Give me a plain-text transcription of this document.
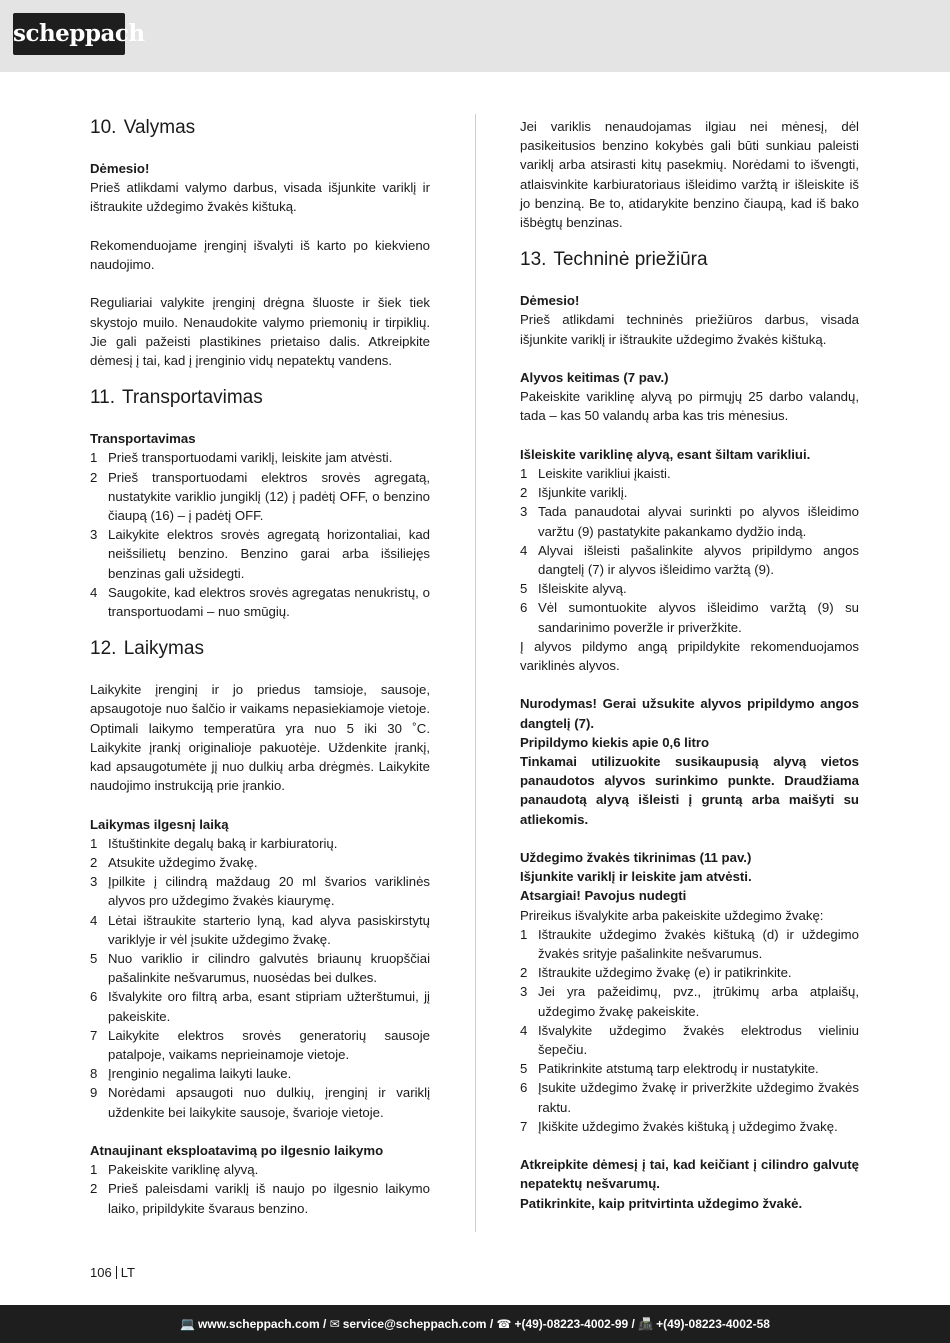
scheppach
10. Valymas

Dėmesio!

Prieš atlikdami valymo darbus, visada išjunkite variklį ir ištraukite uždegimo žvakės kištuką.

Rekomenduojame įrenginį išvalyti iš karto po kiekvieno naudojimo.

Reguliariai valykite įrenginį drėgna šluoste ir šiek tiek skystojo muilo. Nenaudokite valymo priemonių ir tirpiklių. Jie gali pažeisti plastikines prietaiso dalis. Atkreipkite dėmesį į tai, kad į įrenginio vidų nepatektų vandens.

11. Transportavimas

Transportavimas

1 Prieš transportuodami variklį, leiskite jam atvėsti.
2 Prieš transportuodami elektros srovės agregatą, nustatykite variklio jungiklį (12) į padėtį OFF, o benzino čiaupą (16) – į padėtį OFF.
3 Laikykite elektros srovės agregatą horizontaliai, kad neišsilietų benzino. Benzino garai arba išsiliejęs benzinas gali užsidegti.
4 Saugokite, kad elektros srovės agregatas nenukristų, o transportuodami – nuo smūgių.
12. Laikymas

Laikykite įrenginį ir jo priedus tamsioje, sausoje, apsaugotoje nuo šalčio ir vaikams nepasiekiamoje vietoje. Optimali laikymo temperatūra yra nuo 5 iki 30 ˚C. Laikykite įrankį originalioje pakuotėje. Uždenkite įrankį, kad apsaugotumėte jį nuo dulkių arba drėgmės. Laikykite naudojimo instrukciją prie įrankio.

Laikymas ilgesnį laiką

1 Ištuštinkite degalų baką ir karbiuratorių.
2 Atsukite uždegimo žvakę.
3 Įpilkite į cilindrą maždaug 20 ml švarios variklinės alyvos pro uždegimo žvakės kiaurymę.
4 Lėtai ištraukite starterio lyną, kad alyva pasiskirstytų variklyje ir vėl įsukite uždegimo žvakę.
5 Nuo variklio ir cilindro galvutės briaunų kruopščiai pašalinkite nešvarumus, nuosėdas bei dulkes.
6 Išvalykite oro filtrą arba, esant stipriam užterštumui, jį pakeiskite.
7 Laikykite elektros srovės generatorių sausoje patalpoje, vaikams neprieinamoje vietoje.
8 Įrenginio negalima laikyti lauke.
9 Norėdami apsaugoti nuo dulkių, įrenginį ir variklį uždenkite bei laikykite sausoje, švarioje vietoje.

Atnaujinant eksploatavimą po ilgesnio laikymo

1 Pakeiskite variklinę alyvą.
2 Prieš paleisdami variklį iš naujo po ilgesnio laikymo laiko, pripildykite švaraus benzino.

Jei variklis nenaudojamas ilgiau nei mėnesį, dėl pasikeitusios benzino kokybės gali būti sunkiau paleisti variklį arba atsirasti kitų pasekmių. Norėdami to išvengti, atlaisvinkite karbiuratoriaus išleidimo varžtą ir išleiskite iš jo benziną. Be to, atidarykite benzino čiaupą, kad iš bako išbėgtų benzinas.

13. Techninė priežiūra

Dėmesio!

Prieš atlikdami techninės priežiūros darbus, visada išjunkite variklį ir ištraukite uždegimo žvakės kištuką.

Alyvos keitimas (7 pav.)

Pakeiskite variklinę alyvą po pirmųjų 25 darbo valandų, tada – kas 50 valandų arba kas tris mėnesius.

Išleiskite variklinę alyvą, esant šiltam varikliui.

1 Leiskite varikliui įkaisti.
2 Išjunkite variklį.
3 Tada panaudotai alyvai surinkti po alyvos išleidimo varžtu (9) pastatykite pakankamo dydžio indą.
4 Alyvai išleisti pašalinkite alyvos pripildymo angos dangtelį (7) ir alyvos išleidimo varžtą (9).
5 Išleiskite alyvą.
6 Vėl sumontuokite alyvos išleidimo varžtą (9) su sandarinimo poveržle ir priveržkite.

Į alyvos pildymo angą pripildykite rekomenduojamos variklinės alyvos.

Nurodymas! Gerai užsukite alyvos pripildymo angos dangtelį (7).

Pripildymo kiekis apie 0,6 litro

Tinkamai utilizuokite susikaupusią alyvą vietos panaudotos alyvos surinkimo punkte. Draudžiama panaudotą alyvą išleisti į gruntą arba maišyti su atliekomis.

Uždegimo žvakės tikrinimas (11 pav.)

Išjunkite variklį ir leiskite jam atvėsti.

Atsargiai! Pavojus nudegti

Prireikus išvalykite arba pakeiskite uždegimo žvakę:

1 Ištraukite uždegimo žvakės kištuką (d) ir uždegimo žvakės srityje pašalinkite nešvarumus.
2 Ištraukite uždegimo žvakę (e) ir patikrinkite.
3 Jei yra pažeidimų, pvz., įtrūkimų arba atplaišų, uždegimo žvakę pakeiskite.
4 Išvalykite uždegimo žvakės elektrodus vieliniu šepečiu.
5 Patikrinkite atstumą tarp elektrodų ir nustatykite.
6 Įsukite uždegimo žvakę ir priveržkite uždegimo žvakės raktu.
7 Įkiškite uždegimo žvakės kištuką į uždegimo žvakę.

Atkreipkite dėmesį į tai, kad keičiant į cilindro galvutę nepatektų nešvarumų.

Patikrinkite, kaip pritvirtinta uždegimo žvakė.

106 LT
💻 www.scheppach.com / ✉ service@scheppach.com / ☎ +(49)-08223-4002-99 / 📠 +(49)-08223-4002-58
